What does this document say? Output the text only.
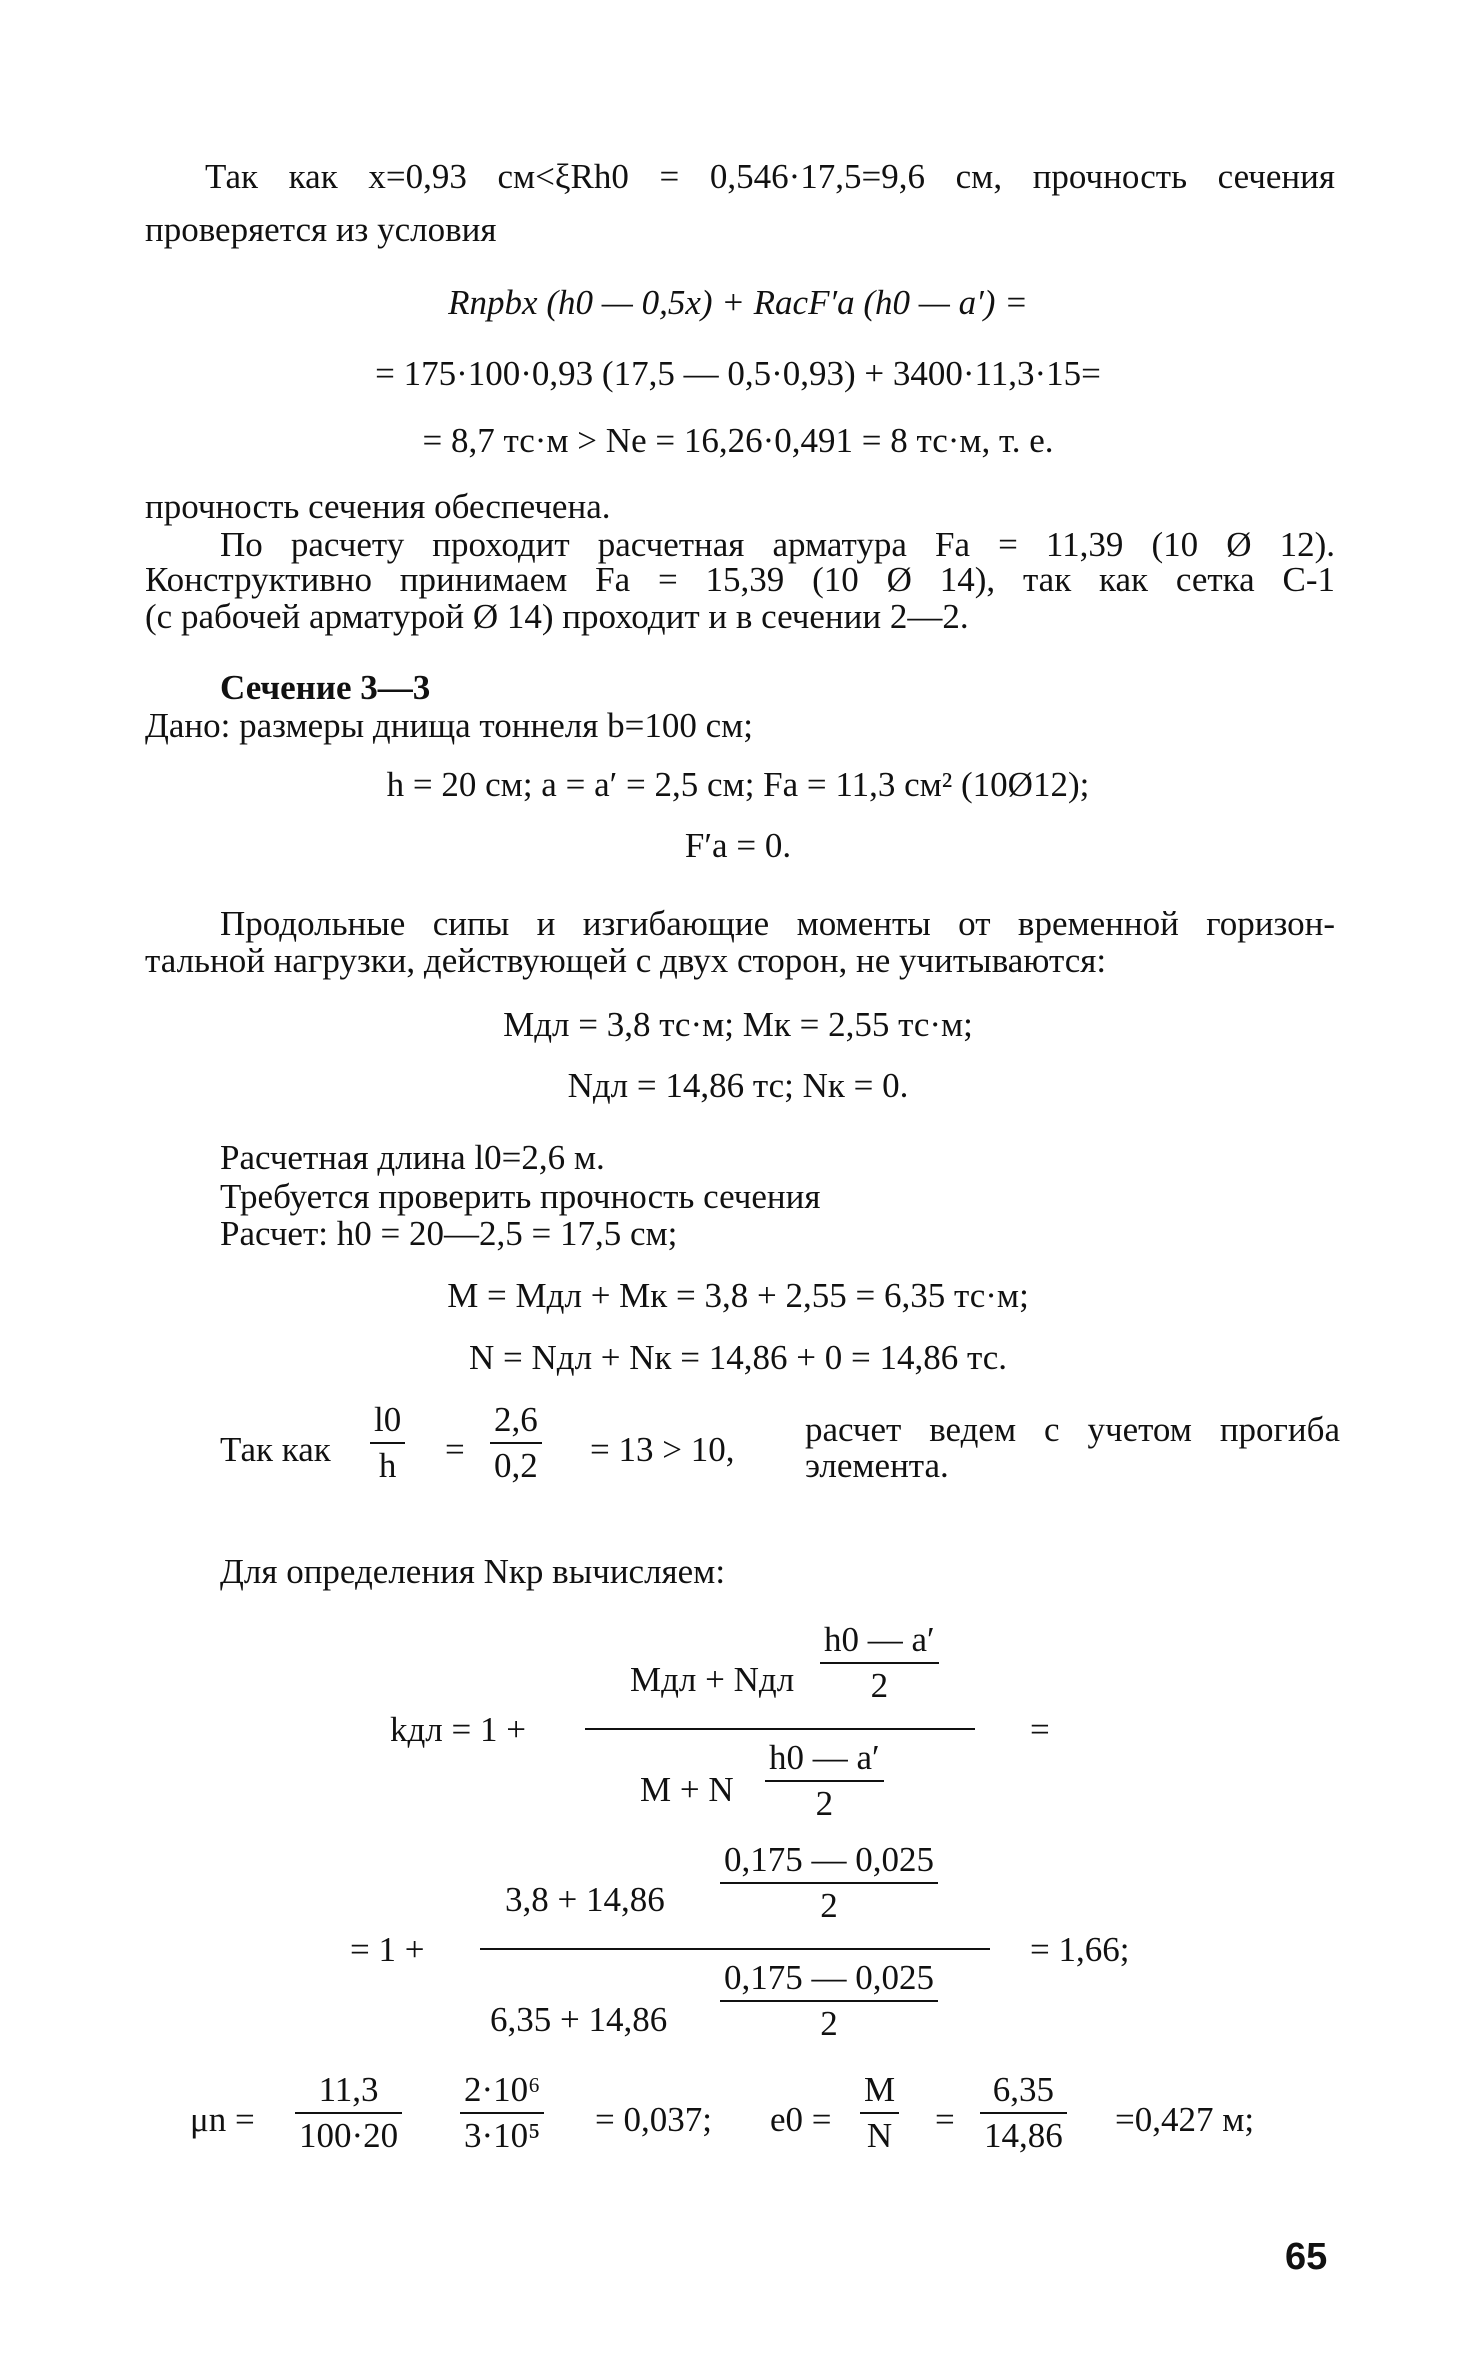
Так как x=0,93 см<ξRh0 = 0,546·17,5=9,6 см, прочность сечения
проверяется из условия
Rпрbx (h0 — 0,5x) + RасF′а (h0 — a′) =
= 175·100·0,93 (17,5 — 0,5·0,93) + 3400·11,3·15=
= 8,7 тс·м > Ne = 16,26·0,491 = 8 тс·м, т. е.
прочность сечения обеспечена.
По расчету проходит расчетная арматура Fа = 11,39 (10 Ø 12).
Конструктивно принимаем Fа = 15,39 (10 Ø 14), так как сетка С-1
(с рабочей арматурой Ø 14) проходит и в сечении 2—2.
Сечение 3—3
Дано: размеры днища тоннеля b=100 см;
h = 20 см; a = a′ = 2,5 см; Fа = 11,3 см² (10Ø12);
F′а = 0.
Продольные сипы и изгибающие моменты от временной горизон-
тальной нагрузки, действующей с двух сторон, не учитываются:
Mдл = 3,8 тс·м; Mк = 2,55 тс·м;
Nдл = 14,86 тс; Nк = 0.
Расчетная длина l0=2,6 м.
Требуется проверить прочность сечения
Расчет: h0 = 20—2,5 = 17,5 см;
M = Mдл + Mк = 3,8 + 2,55 = 6,35 тс·м;
N = Nдл + Nк = 14,86 + 0 = 14,86 тс.
Так как $\frac{l0}{h} = \frac{2,6}{0,2} = 13 > 10$,
расчет ведем с учетом прогиба
элемента.
Для определения Nкр вычисляем:
kдл = 1 +
Mдл + Nдл $\frac{h0 — a'}{2}$
M + N $\frac{h0 — a'}{2}$
=
= 1 +
$3,8 + 14,86 \frac{0,175 — 0,025}{2}$
$6,35 + 14,86 \frac{0,175 — 0,025}{2}$
= 1,66;
$\mu n = \frac{11,3}{100\cdot 20} \frac{\text{2·10⁶}}{\text{3·10⁵}} = 0,037$; $e0 = \frac{M}{N} = \frac{6,35}{14,86} =0,427$ м;
65
